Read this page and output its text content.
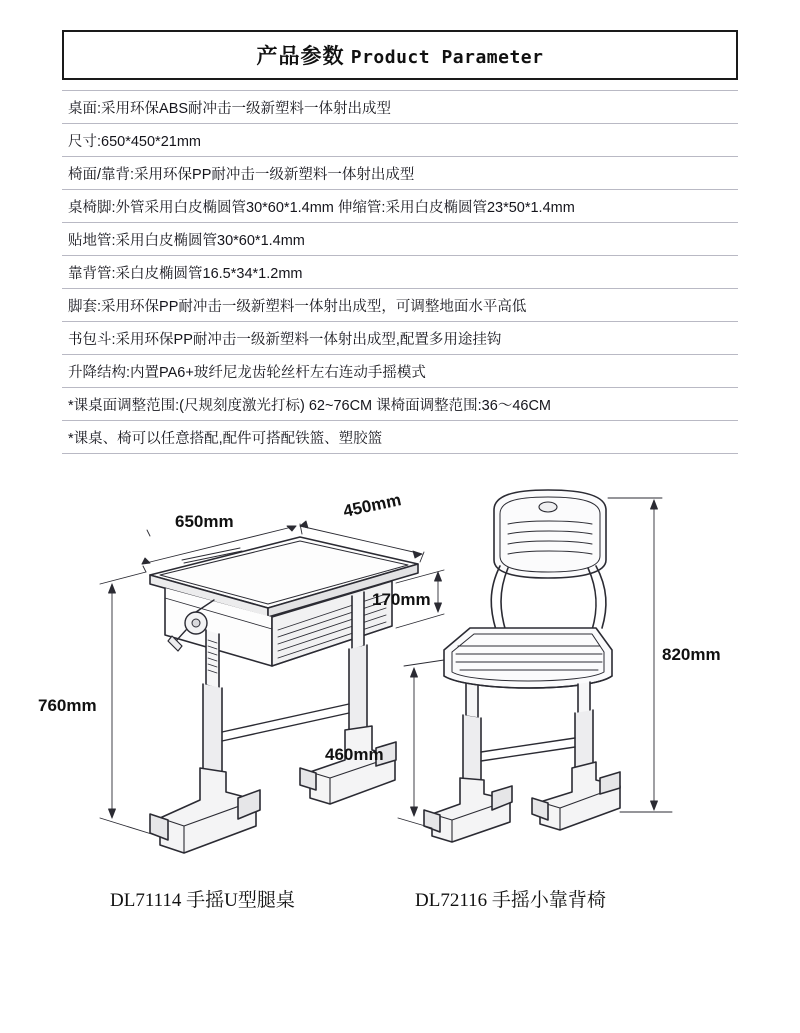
产品参数 Product Parameter
桌面:采用环保ABS耐冲击一级新塑料一体射出成型
尺寸:650*450*21mm
椅面/靠背:采用环保PP耐冲击一级新塑料一体射出成型
桌椅脚:外管采用白皮椭圆管30*60*1.4mm 伸缩管:采用白皮椭圆管23*50*1.4mm
贴地管:采用白皮椭圆管30*60*1.4mm
靠背管:采白皮椭圆管16.5*34*1.2mm
脚套:采用环保PP耐冲击一级新塑料一体射出成型，可调整地面水平高低
书包斗:采用环保PP耐冲击一级新塑料一体射出成型,配置多用途挂钩
升降结构:内置PA6+玻纤尼龙齿轮丝杆左右连动手摇模式
*课桌面调整范围:(尺规刻度激光打标) 62~76CM 课椅面调整范围:36～46CM
*课桌、椅可以任意搭配,配件可搭配铁篮、塑胶篮
650mm
450mm
170mm
760mm
820mm
460mm
DL71114 手摇U型腿桌	DL72116 手摇小靠背椅
